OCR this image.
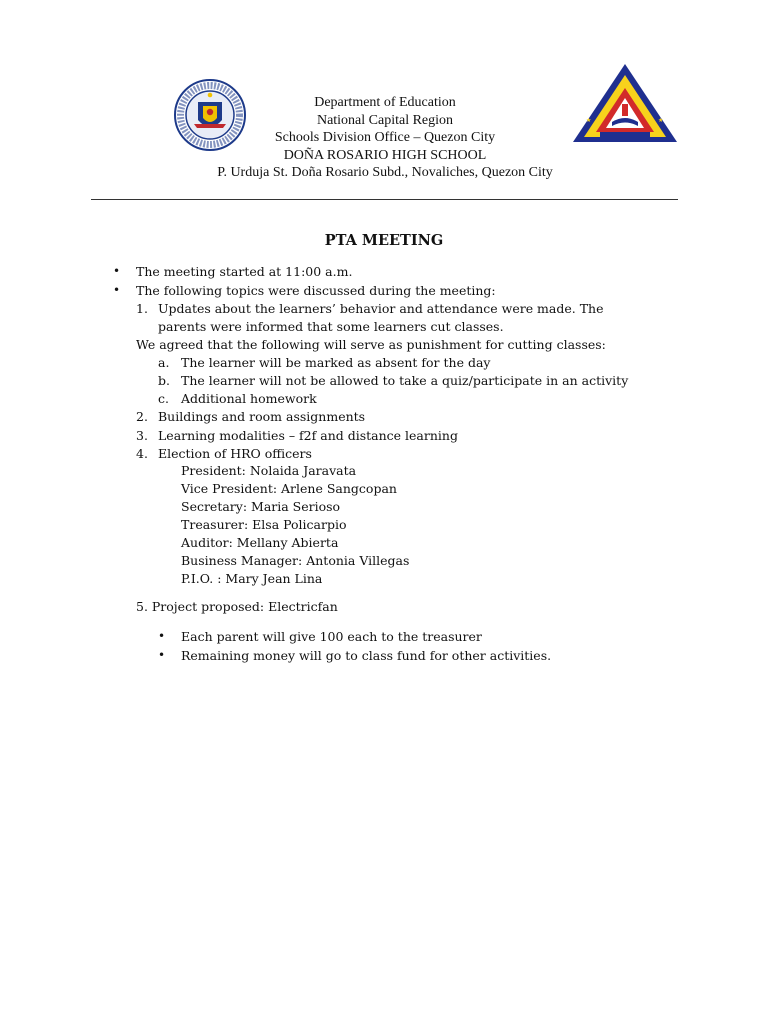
Department of Education
National Capital Region
Schools Division Office – Quezon City
DOÑA ROSARIO HIGH SCHOOL
P. Urduja St. Doña Rosario Subd., Novaliches, Quezon City
★	★
PTA MEETING
• The meeting started at 11:00 a.m.
• The following topics were discussed during the meeting:
1. Updates about the learners’ behavior and attendance were made. The
parents were informed that some learners cut classes.
We agreed that the following will serve as punishment for cutting classes:
a. The learner will be marked as absent for the day
b. The learner will not be allowed to take a quiz/participate in an activity
c. Additional homework
2. Buildings and room assignments
3. Learning modalities – f2f and distance learning
4. Election of HRO officers
President: Nolaida Jaravata
Vice President: Arlene Sangcopan
Secretary: Maria Serioso
Treasurer: Elsa Policarpio
Auditor: Mellany Abierta
Business Manager: Antonia Villegas
P.I.O. : Mary Jean Lina
5. Project proposed: Electricfan
• Each parent will give 100 each to the treasurer
• Remaining money will go to class fund for other activities.
